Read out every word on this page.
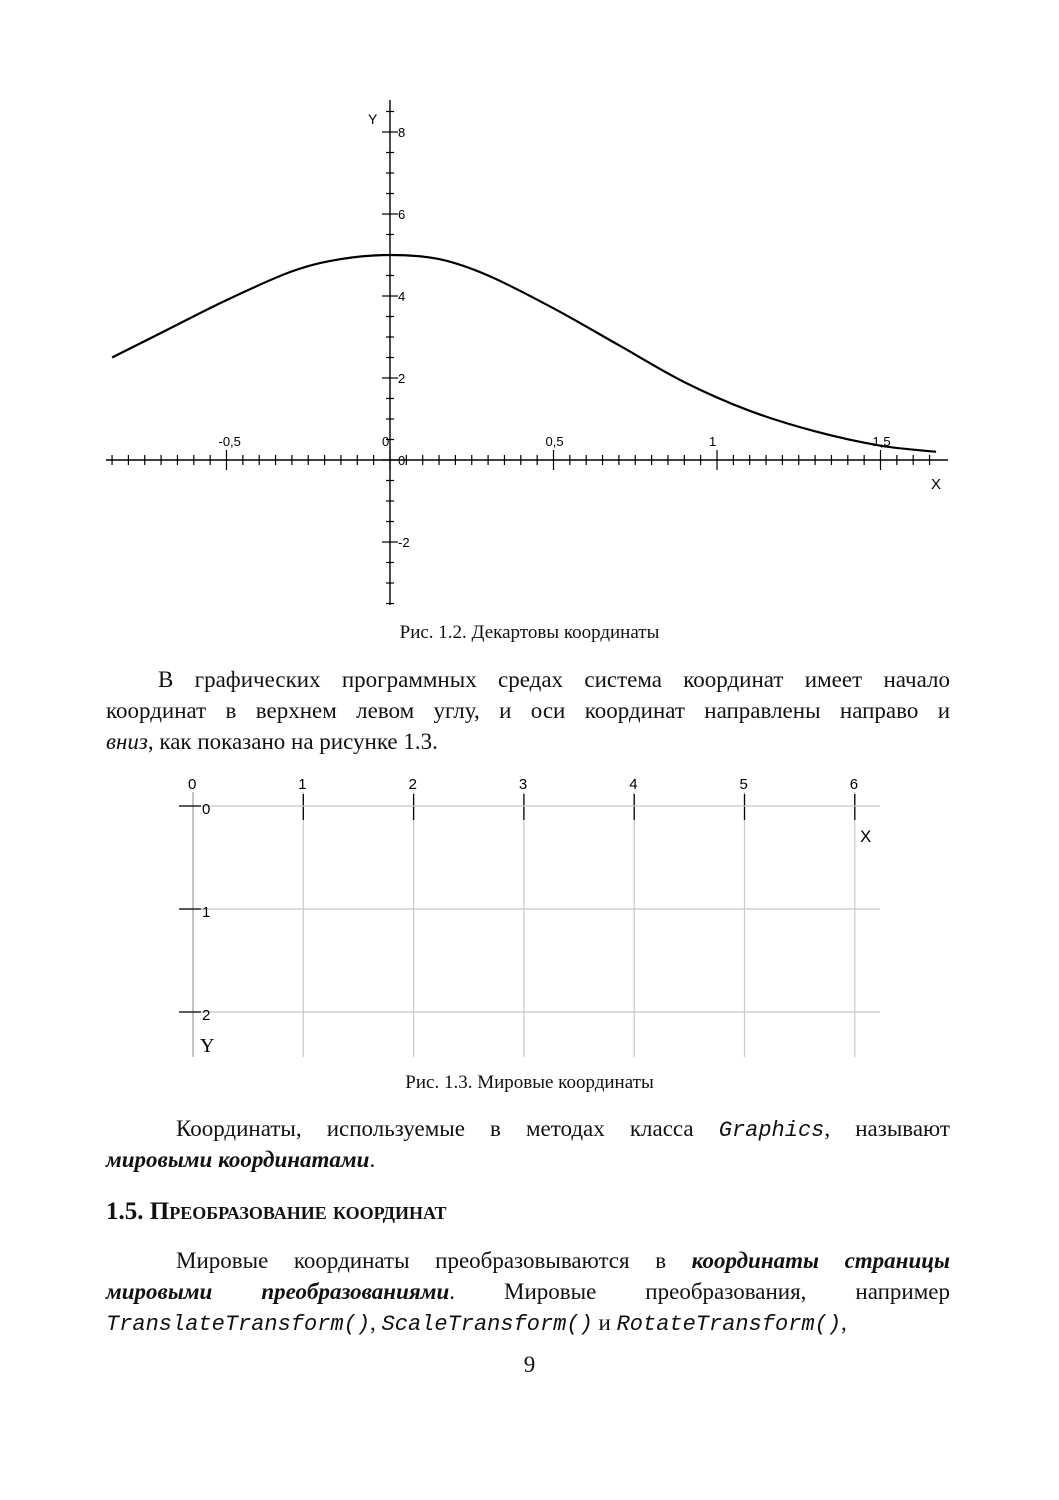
-0,5	0	0,5	1	1,5
8
6
4
2
0
-2
X
Y
Рис. 1.2. Декартовы координаты
В графических программных средах система координат имеет начало
координат в верхнем левом углу, и оси координат направлены направо и
вниз, как показано на рисунке 1.3.
0	1	2	3	4	5	6
0
1
2
X
Y
Рис. 1.3. Мировые координаты
Координаты, используемые в методах класса Graphics, называют
мировыми координатами.
1.5. Преобразование координат
Мировые координаты преобразовываются в координаты страницы
мировыми преобразованиями. Мировые преобразования, например
TranslateTransform(), ScaleTransform() и RotateTransform(),
9
